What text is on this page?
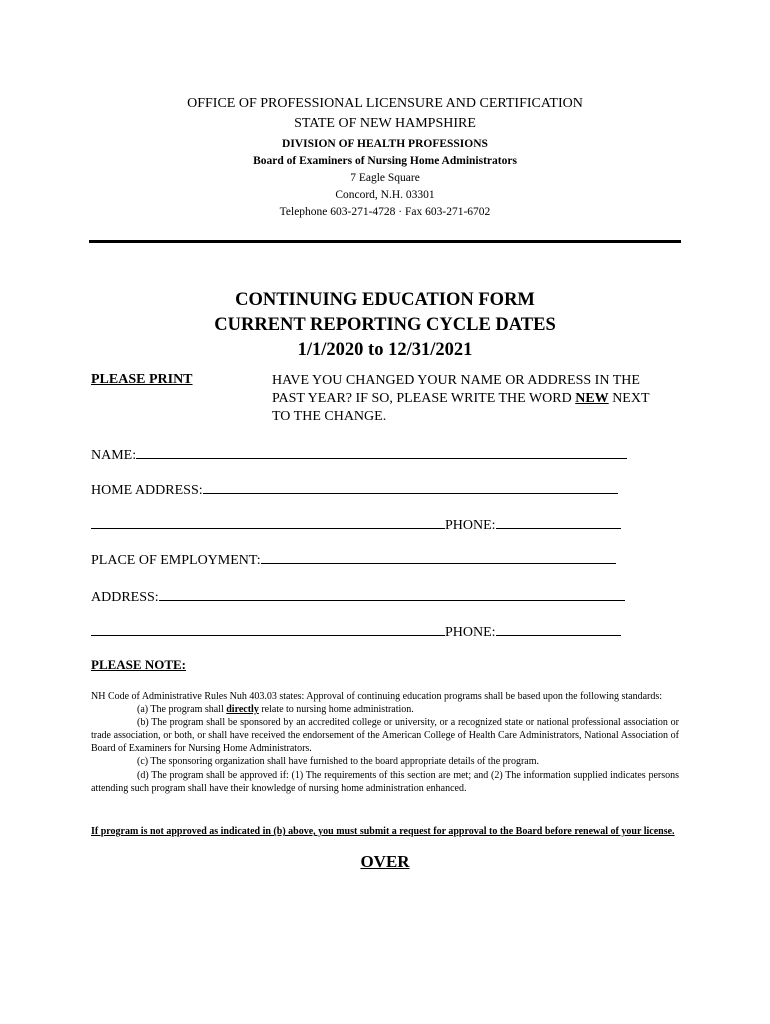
OFFICE OF PROFESSIONAL LICENSURE AND CERTIFICATION
STATE OF NEW HAMPSHIRE
DIVISION OF HEALTH PROFESSIONS
Board of Examiners of Nursing Home Administrators
7 Eagle Square
Concord, N.H. 03301
Telephone 603-271-4728 · Fax 603-271-6702
CONTINUING EDUCATION FORM
CURRENT REPORTING CYCLE DATES
1/1/2020 to 12/31/2021
PLEASE PRINT	HAVE YOU CHANGED YOUR NAME OR ADDRESS IN THE PAST YEAR? IF SO, PLEASE WRITE THE WORD NEW NEXT TO THE CHANGE.
NAME:
HOME ADDRESS:
PHONE:
PLACE OF EMPLOYMENT:
ADDRESS:
PHONE:
PLEASE NOTE:

NH Code of Administrative Rules Nuh 403.03 states: Approval of continuing education programs shall be based upon the following standards:

(a) The program shall directly relate to nursing home administration.

(b) The program shall be sponsored by an accredited college or university, or a recognized state or national professional association or trade association, or both, or shall have received the endorsement of the American College of Health Care Administrators, National Association of Board of Examiners for Nursing Home Administrators.

(c) The sponsoring organization shall have furnished to the board appropriate details of the program.

(d) The program shall be approved if: (1) The requirements of this section are met; and (2) The information supplied indicates persons attending such program shall have their knowledge of nursing home administration enhanced.

If program is not approved as indicated in (b) above, you must submit a request for approval to the Board before renewal of your license.
OVER
